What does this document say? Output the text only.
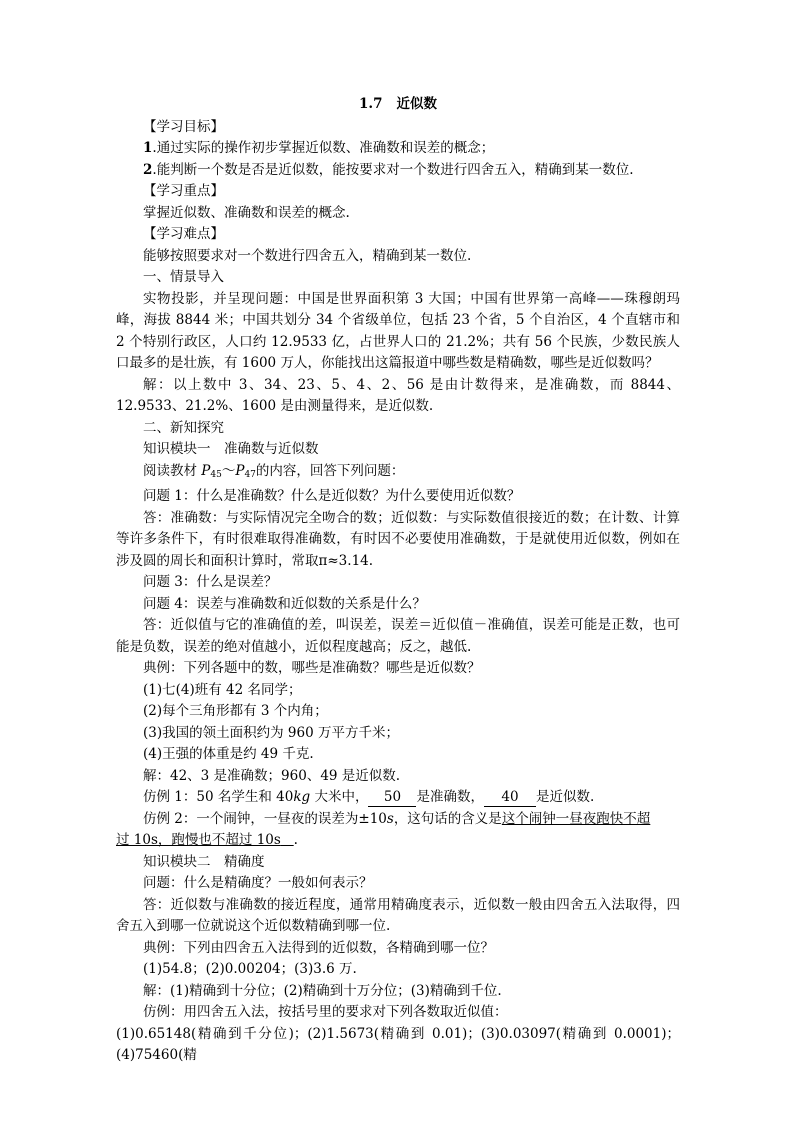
1.7 近似数

【学习目标】

1.通过实际的操作初步掌握近似数、准确数和误差的概念；

2.能判断一个数是否是近似数，能按要求对一个数进行四舍五入，精确到某一数位.

【学习重点】

掌握近似数、准确数和误差的概念.

【学习难点】

能够按照要求对一个数进行四舍五入，精确到某一数位.

一、情景导入

实物投影，并呈现问题：中国是世界面积第 3 大国；中国有世界第一高峰——珠穆朗玛峰，海拔 8844 米；中国共划分 34 个省级单位，包括 23 个省，5 个自治区，4 个直辖市和 2 个特别行政区，人口约 12.9533 亿，占世界人口的 21.2%；共有 56 个民族，少数民族人口最多的是壮族，有 1600 万人，你能找出这篇报道中哪些数是精确数，哪些是近似数吗？

解：以上数中 3、34、23、5、4、2、56 是由计数得来，是准确数，而 8844、12.9533、21.2%、1600 是由测量得来，是近似数.

二、新知探究

知识模块一　准确数与近似数

阅读教材 $P_{45}\sim P_{47}$的内容，回答下列问题：

问题 1：什么是准确数？什么是近似数？为什么要使用近似数？

答：准确数：与实际情况完全吻合的数；近似数：与实际数值很接近的数；在计数、计算等许多条件下，有时很难取得准确数，有时因不必要使用准确数，于是就使用近似数，例如在涉及圆的周长和面积计算时，常取π≈3.14.

问题 3：什么是误差？

问题 4：误差与准确数和近似数的关系是什么？

答：近似值与它的准确值的差，叫误差，误差＝近似值－准确值，误差可能是正数，也可能是负数，误差的绝对值越小，近似程度越高；反之，越低.

典例：下列各题中的数，哪些是准确数？哪些是近似数？

(1)七(4)班有 42 名同学；

(2)每个三角形都有 3 个内角；

(3)我国的领土面积约为 960 万平方千米；

(4)王强的体重是约 49 千克.

解：42、3 是准确数；960、49 是近似数.

仿例 1：50 名学生和 40kg 大米中， 50 是准确数， 40 是近似数.

仿例 2：一个闹钟，一昼夜的误差为±10s，这句话的含义是这个闹钟一昼夜跑快不超

过 10s，跑慢也不超过 10s .

知识模块二　精确度

问题：什么是精确度？一般如何表示？

答：近似数与准确数的接近程度，通常用精确度表示，近似数一般由四舍五入法取得，四舍五入到哪一位就说这个近似数精确到哪一位.

典例：下列由四舍五入法得到的近似数，各精确到哪一位？

(1)54.8；(2)0.00204；(3)3.6 万.

解：(1)精确到十分位；(2)精确到十万分位；(3)精确到千位.

仿例：用四舍五入法，按括号里的要求对下列各数取近似值：

(1)0.65148(精确到千分位)；(2)1.5673(精确到 0.01)；(3)0.03097(精确到 0.0001)；(4)75460(精
